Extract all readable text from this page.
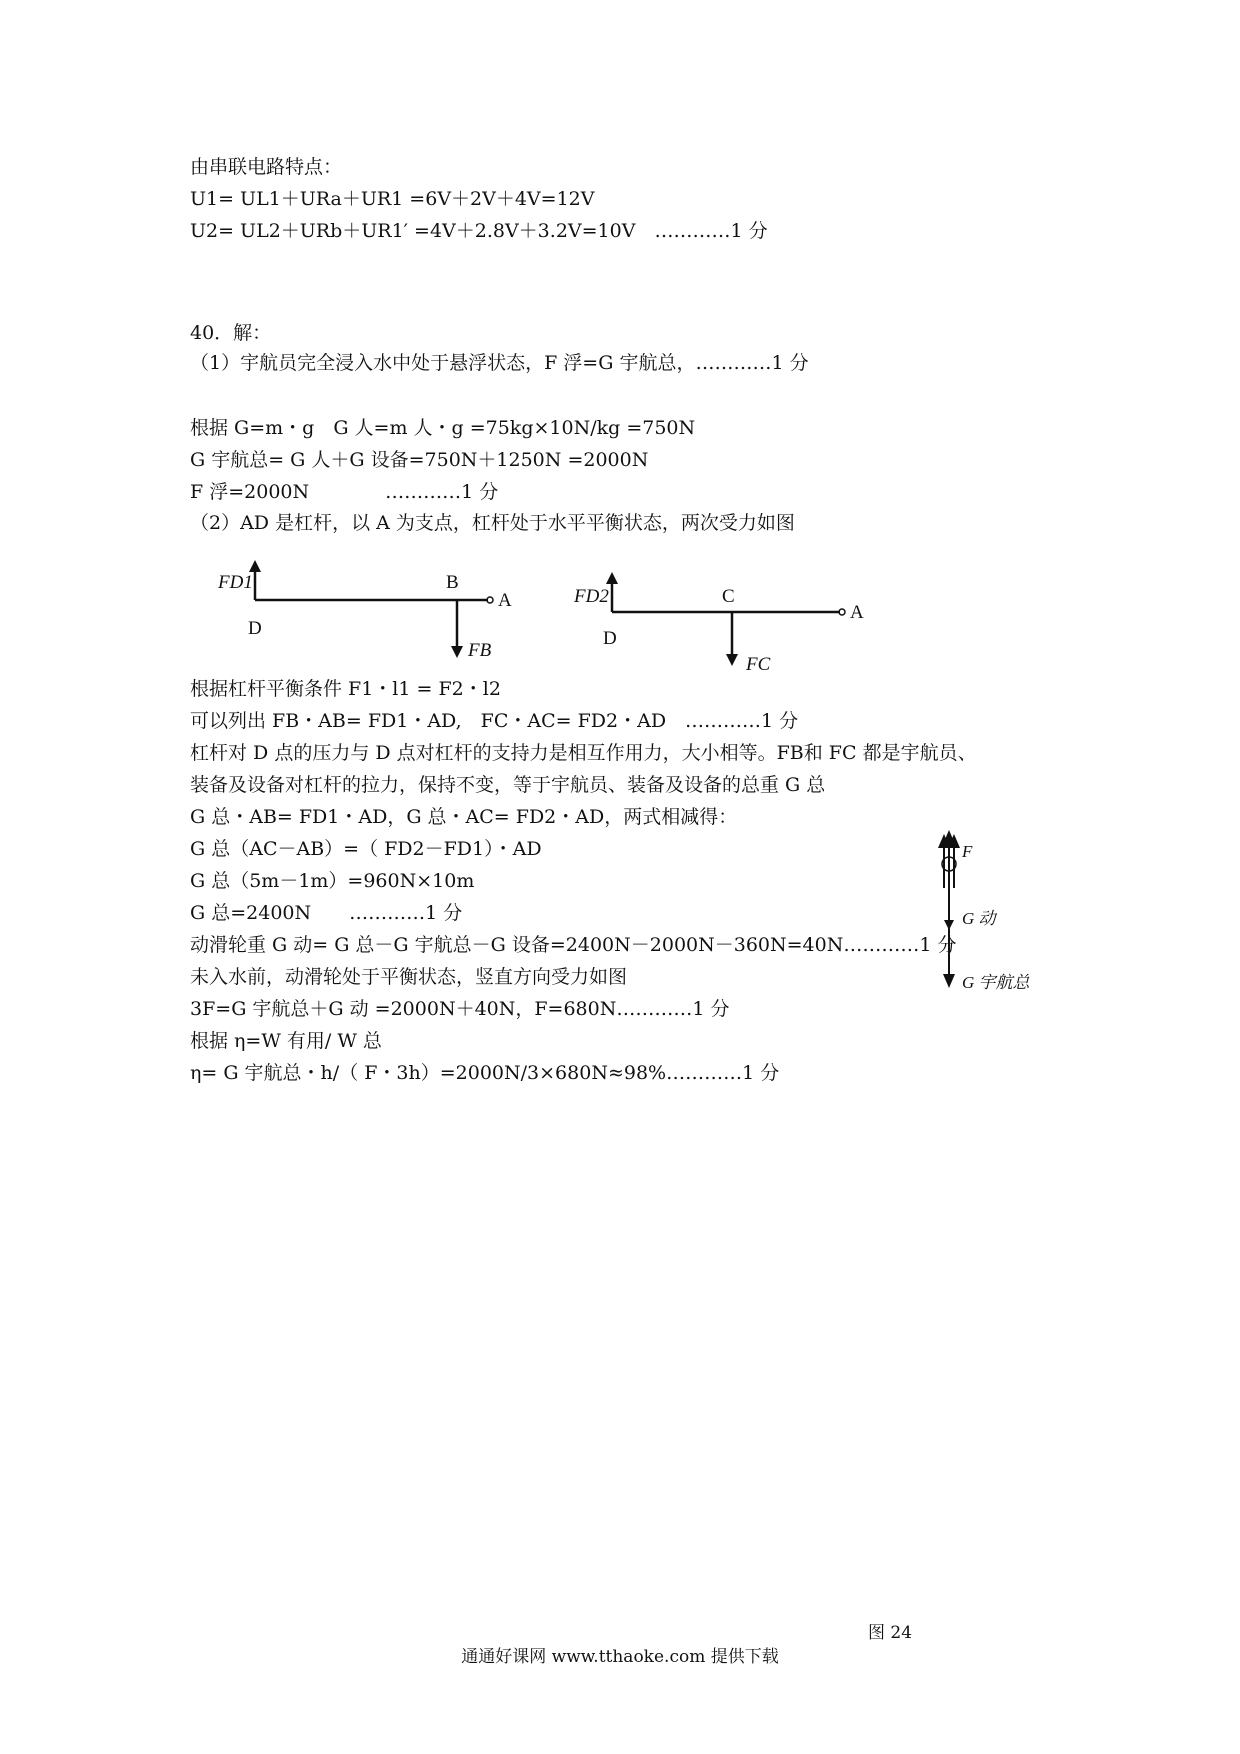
由串联电路特点：
U1= UL1＋URa＋UR1 =6V＋2V＋4V=12V
U2= UL2＋URb＋UR1′ =4V＋2.8V＋3.2V=10V　…………1 分
40．解：
（1）宇航员完全浸入水中处于悬浮状态，F 浮=G 宇航总，…………1 分
根据 G=m・g　G 人=m 人・g =75kg×10N/kg =750N
G 宇航总= G 人＋G 设备=750N＋1250N =2000N
F 浮=2000N　　　　…………1 分
（2）AD 是杠杆，以 A 为支点，杠杆处于水平平衡状态，两次受力如图
FD1
D
B
A
FB
FD2
D
C
A
FC
根据杠杆平衡条件 F1・l1 = F2・l2
可以列出 FB・AB= FD1・AD,　FC・AC= FD2・AD　…………1 分
杠杆对 D 点的压力与 D 点对杠杆的支持力是相互作用力，大小相等。FB和 FC 都是宇航员、
装备及设备对杠杆的拉力，保持不变，等于宇航员、装备及设备的总重 G 总
G 总・AB= FD1・AD，G 总・AC= FD2・AD，两式相减得：
G 总（AC－AB）=（ FD2－FD1）・AD
G 总（5m－1m）=960N×10m
G 总=2400N　　…………1 分
动滑轮重 G 动= G 总－G 宇航总－G 设备=2400N－2000N－360N=40N…………1 分
未入水前，动滑轮处于平衡状态，竖直方向受力如图
3F=G 宇航总＋G 动 =2000N＋40N，F=680N…………1 分
根据 η=W 有用/ W 总
η= G 宇航总・h/（ F・3h）=2000N/3×680N≈98%…………1 分
F
G 动
G 宇航总
图 24
通通好课网 www.tthaoke.com 提供下载
